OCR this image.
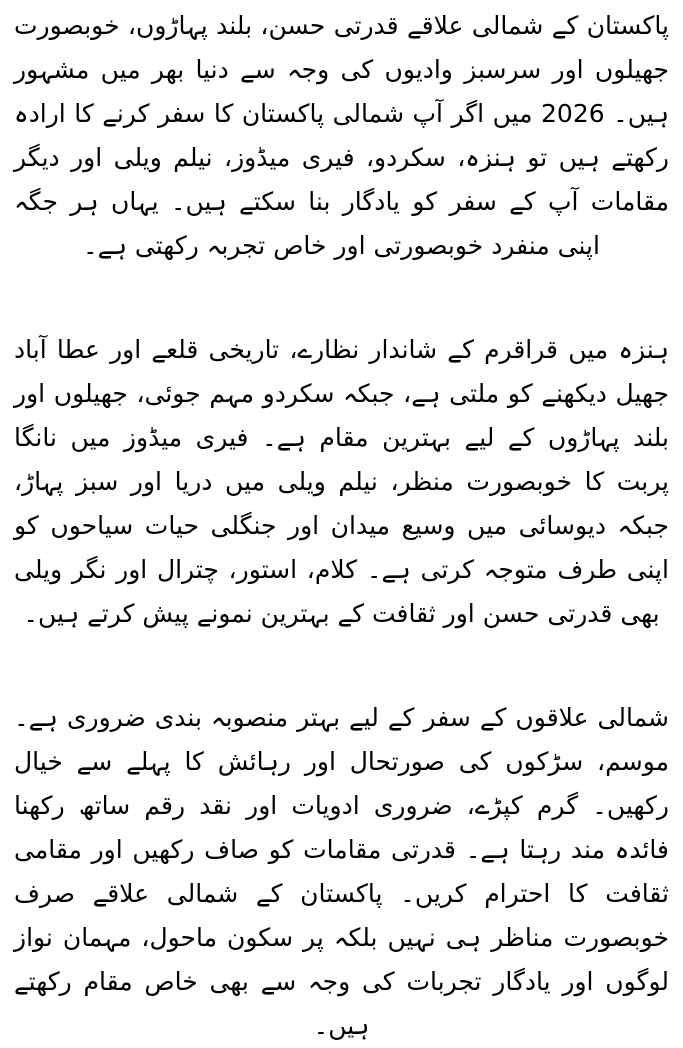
پاکستان کے شمالی علاقے قدرتی حسن، بلند پہاڑوں، خوبصورت جھیلوں اور سرسبز وادیوں کی وجہ سے دنیا بھر میں مشہور ہیں۔ 2026 میں اگر آپ شمالی پاکستان کا سفر کرنے کا ارادہ رکھتے ہیں تو ہنزہ، سکردو، فیری میڈوز، نیلم ویلی اور دیگر مقامات آپ کے سفر کو یادگار بنا سکتے ہیں۔ یہاں ہر جگہ اپنی منفرد خوبصورتی اور خاص تجربہ رکھتی ہے۔

ہنزہ میں قراقرم کے شاندار نظارے، تاریخی قلعے اور عطا آباد جھیل دیکھنے کو ملتی ہے، جبکہ سکردو مہم جوئی، جھیلوں اور بلند پہاڑوں کے لیے بہترین مقام ہے۔ فیری میڈوز میں نانگا پربت کا خوبصورت منظر، نیلم ویلی میں دریا اور سبز پہاڑ، جبکہ دیوسائی میں وسیع میدان اور جنگلی حیات سیاحوں کو اپنی طرف متوجہ کرتی ہے۔ کلام، استور، چترال اور نگر ویلی بھی قدرتی حسن اور ثقافت کے بہترین نمونے پیش کرتے ہیں۔

شمالی علاقوں کے سفر کے لیے بہتر منصوبہ بندی ضروری ہے۔ موسم، سڑکوں کی صورتحال اور رہائش کا پہلے سے خیال رکھیں۔ گرم کپڑے، ضروری ادویات اور نقد رقم ساتھ رکھنا فائدہ مند رہتا ہے۔ قدرتی مقامات کو صاف رکھیں اور مقامی ثقافت کا احترام کریں۔ پاکستان کے شمالی علاقے صرف خوبصورت مناظر ہی نہیں بلکہ پر سکون ماحول، مہمان نواز لوگوں اور یادگار تجربات کی وجہ سے بھی خاص مقام رکھتے ہیں۔
